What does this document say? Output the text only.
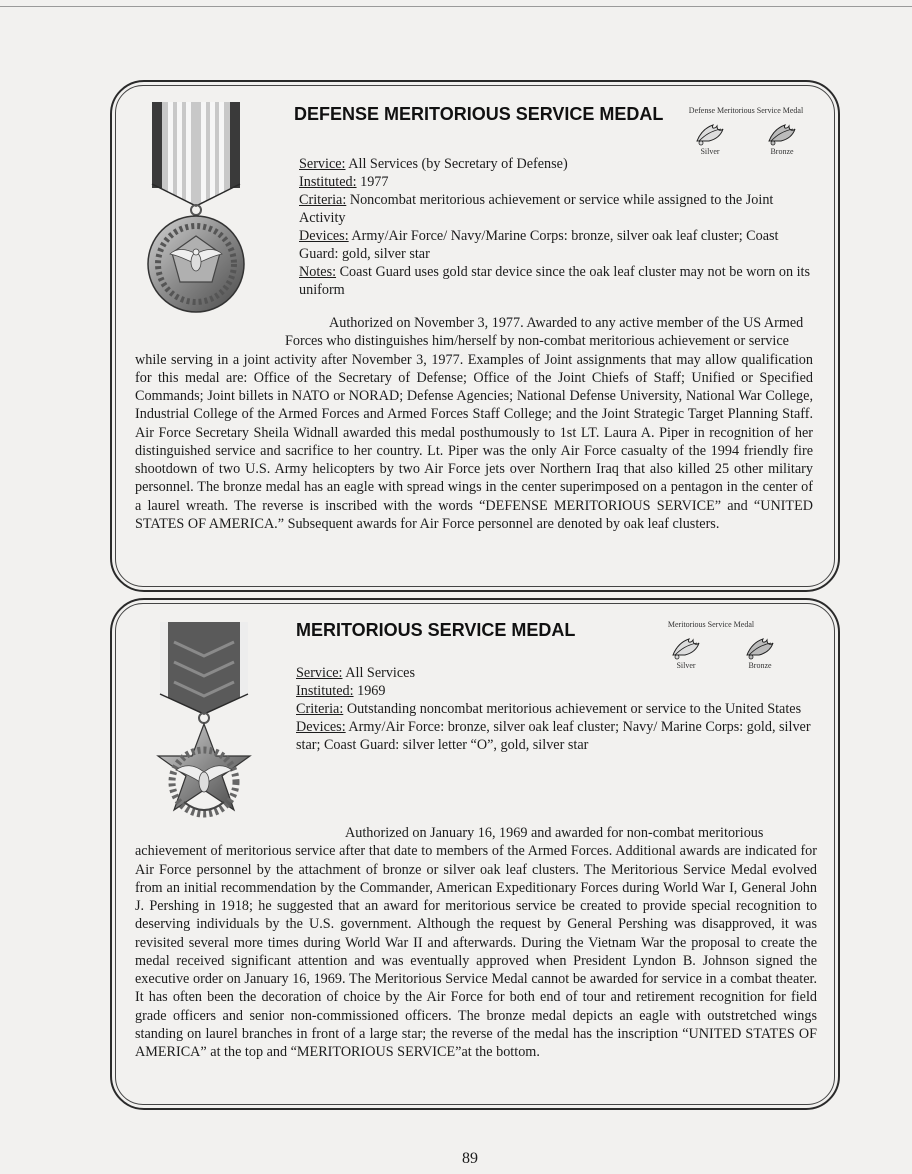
DEFENSE MERITORIOUS SERVICE MEDAL	Defense Meritorious Service Medal
Silver	Bronze

Service: All Services (by Secretary of Defense)

Instituted: 1977

Criteria: Noncombat meritorious achievement or service while assigned to the Joint Activity

Devices: Army/Air Force/ Navy/Marine Corps: bronze, silver oak leaf cluster; Coast Guard: gold, silver star

Notes: Coast Guard uses gold star device since the oak leaf cluster may not be worn on its uniform

Authorized on November 3, 1977. Awarded to any active member of the US Armed
Forces who distinguishes him/herself by non-combat meritorious achievement or service
while serving in a joint activity after November 3, 1977. Examples of Joint assignments that may allow qualification for this medal are: Office of the Secretary of Defense; Office of the Joint Chiefs of Staff; Unified or Specified Commands; Joint billets in NATO or NORAD; Defense Agencies; National Defense University, National War College, Industrial College of the Armed Forces and Armed Forces Staff College; and the Joint Strategic Target Planning Staff. Air Force Secretary Sheila Widnall awarded this medal posthumously to 1st LT. Laura A. Piper in recognition of her distinguished service and sacrifice to her country. Lt. Piper was the only Air Force casualty of the 1994 friendly fire shootdown of two U.S. Army helicopters by two Air Force jets over Northern Iraq that also killed 25 other military personnel. The bronze medal has an eagle with spread wings in the center superimposed on a pentagon in the center of a laurel wreath. The reverse is inscribed with the words “DEFENSE MERITORIOUS SERVICE” and “UNITED STATES OF AMERICA.” Subsequent awards for Air Force personnel are denoted by oak leaf clusters.

MERITORIOUS SERVICE MEDAL	Meritorious Service Medal
Silver	Bronze

Service: All Services

Instituted: 1969

Criteria: Outstanding noncombat meritorious achievement or service to the United States

Devices: Army/Air Force: bronze, silver oak leaf cluster; Navy/ Marine Corps: gold, silver star; Coast Guard: silver letter “O”, gold, silver star

Authorized on January 16, 1969 and awarded for non-combat meritorious
achievement of meritorious service after that date to members of the Armed Forces. Additional awards are indicated for Air Force personnel by the attachment of bronze or silver oak leaf clusters. The Meritorious Service Medal evolved from an initial recommendation by the Commander, American Expeditionary Forces during World War I, General John J. Pershing in 1918; he suggested that an award for meritorious service be created to provide special recognition to deserving individuals by the U.S. government. Although the request by General Pershing was disapproved, it was revisited several more times during World War II and afterwards. During the Vietnam War the proposal to create the medal received significant attention and was eventually approved when President Lyndon B. Johnson signed the executive order on January 16, 1969. The Meritorious Service Medal cannot be awarded for service in a combat theater. It has often been the decoration of choice by the Air Force for both end of tour and retirement recognition for field grade officers and senior non-commissioned officers. The bronze medal depicts an eagle with outstretched wings standing on laurel branches in front of a large star; the reverse of the medal has the inscription “UNITED STATES OF AMERICA” at the top and “MERITORIOUS SERVICE”at the bottom.

89
